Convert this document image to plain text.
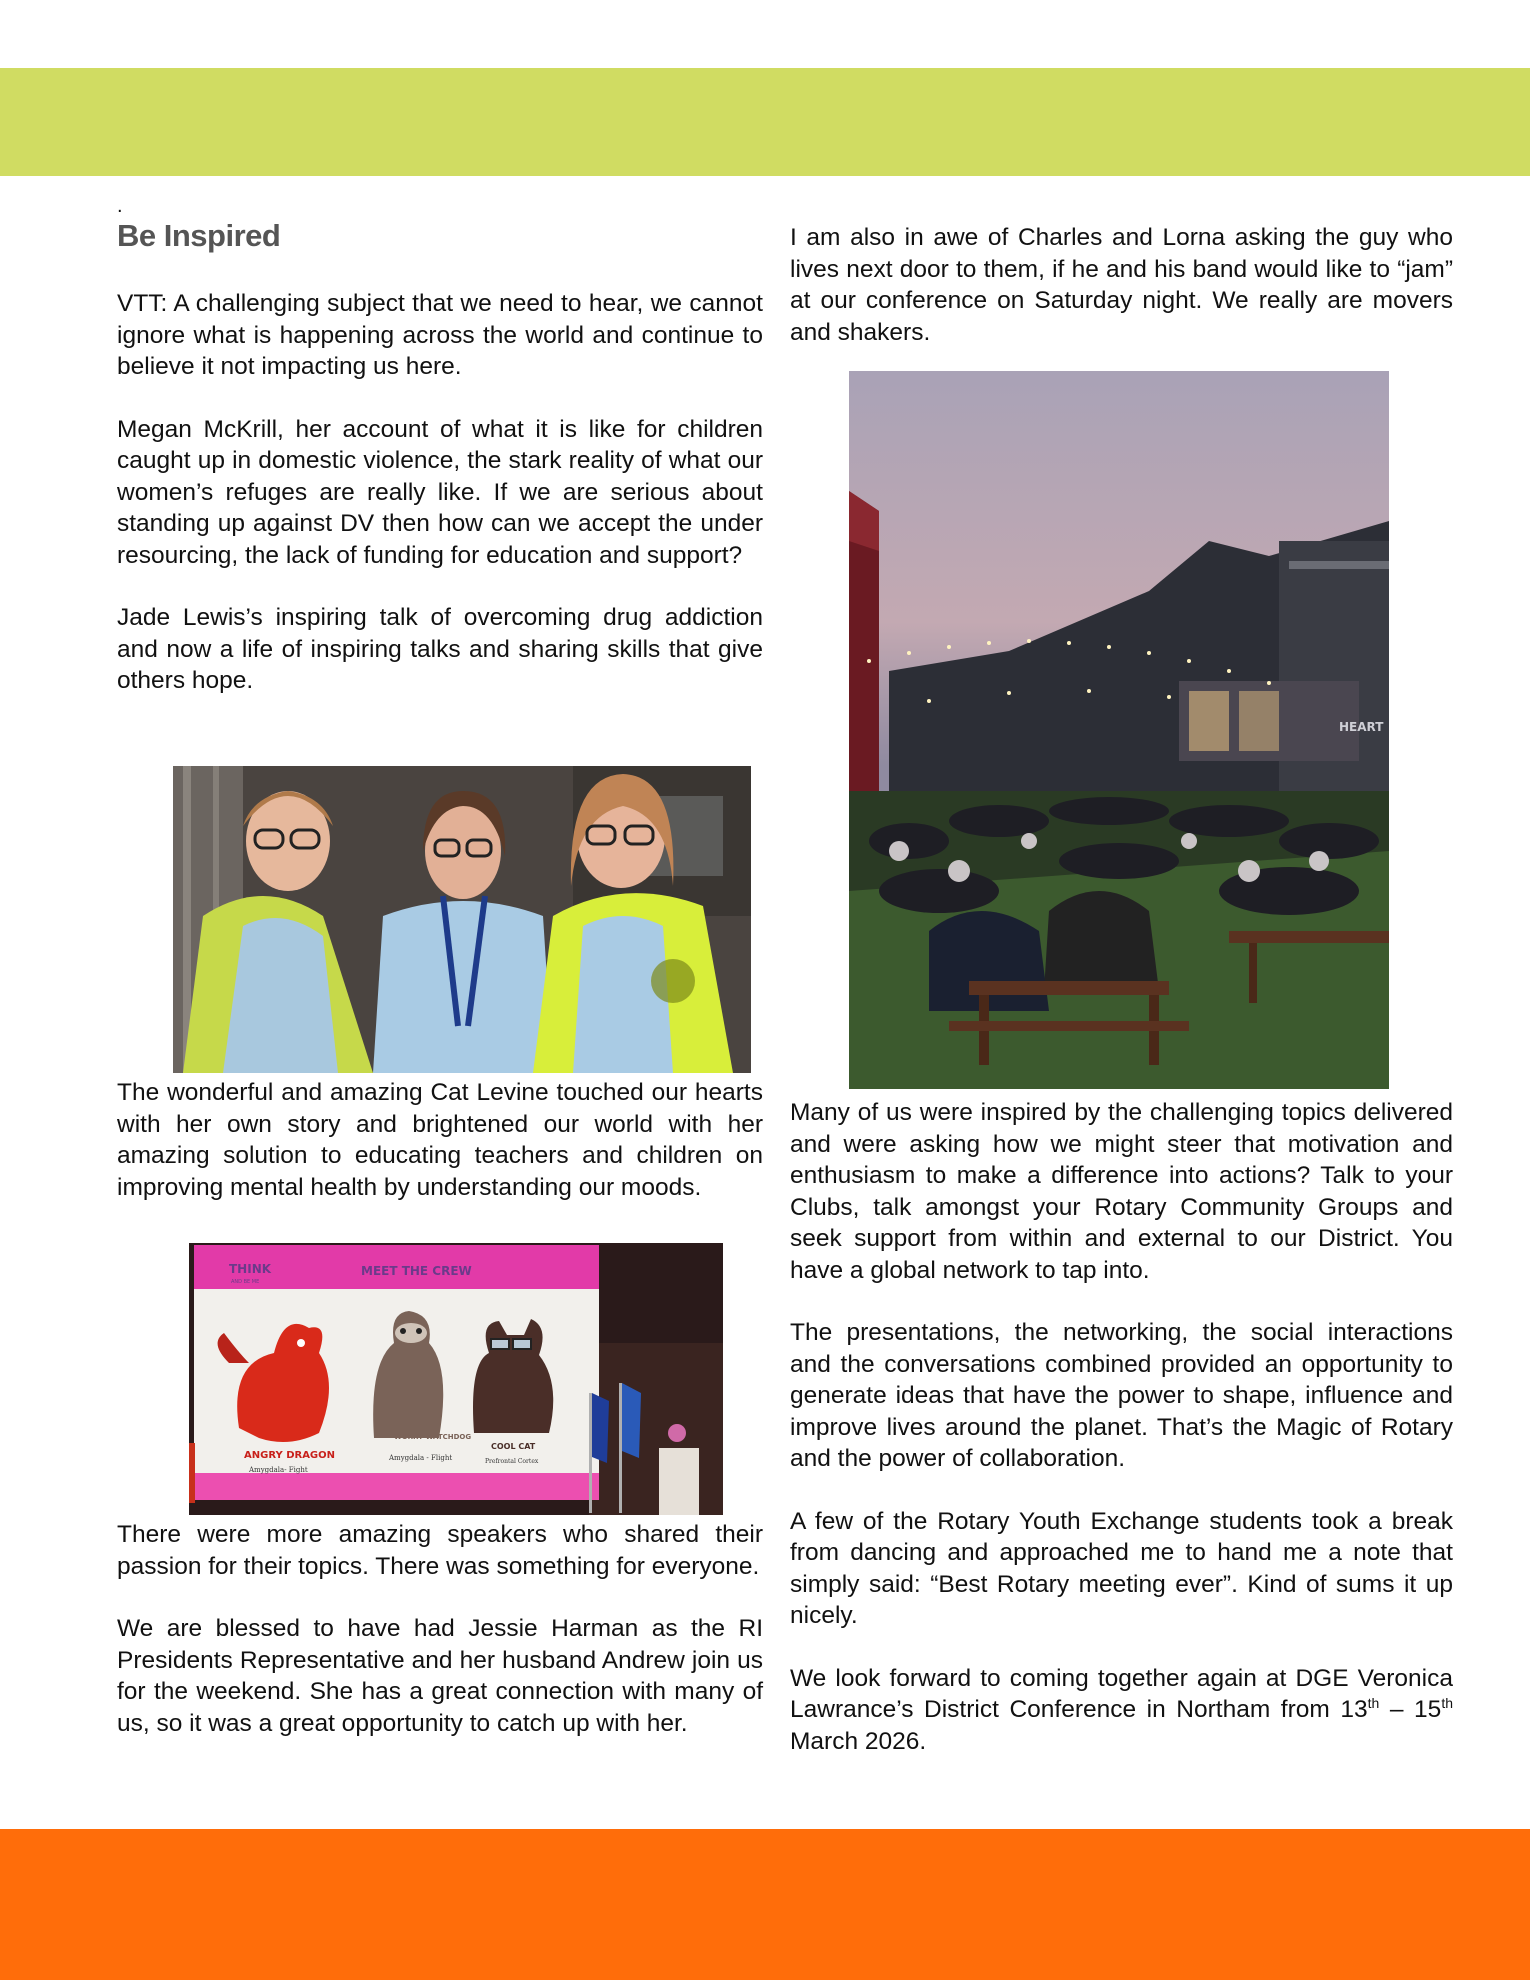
.
Be Inspired

VTT: A challenging subject that we need to hear, we cannot ignore what is happening across the world and continue to believe it not impacting us here.

Megan McKrill, her account of what it is like for children caught up in domestic violence, the stark reality of what our women’s refuges are really like. If we are serious about standing up against DV then how can we accept the under resourcing, the lack of funding for education and support?

Jade Lewis’s inspiring talk of overcoming drug addiction and now a life of inspiring talks and sharing skills that give others hope.

The wonderful and amazing Cat Levine touched our hearts with her own story and brightened our world with her amazing solution to educating teachers and children on improving mental health by understanding our moods.

There were more amazing speakers who shared their passion for their topics. There was something for everyone.

We are blessed to have had Jessie Harman as the RI Presidents Representative and her husband Andrew join us for the weekend. She has a great connection with many of us, so it was a great opportunity to catch up with her.

I am also in awe of Charles and Lorna asking the guy who lives next door to them, if he and his band would like to “jam” at our conference on Saturday night. We really are movers and shakers.

Many of us were inspired by the challenging topics delivered and were asking how we might steer that motivation and enthusiasm to make a difference into actions? Talk to your Clubs, talk amongst your Rotary Community Groups and seek support from within and external to our District. You have a global network to tap into.

The presentations, the networking, the social interactions and the conversations combined provided an opportunity to generate ideas that have the power to shape, influence and improve lives around the planet. That’s the Magic of Rotary and the power of collaboration.

A few of the Rotary Youth Exchange students took a break from dancing and approached me to hand me a note that simply said: “Best Rotary meeting ever”. Kind of sums it up nicely.

We look forward to coming together again at DGE Veronica Lawrance’s District Conference in Northam from 13th – 15th March 2026.

THINK
AND BE ME
MEET THE CREW
ANGRY DRAGON
Amygdala- Fight
WORRY WATCHDOG
Amygdala - Flight
COOL CAT
Prefrontal Cortex
HEART
